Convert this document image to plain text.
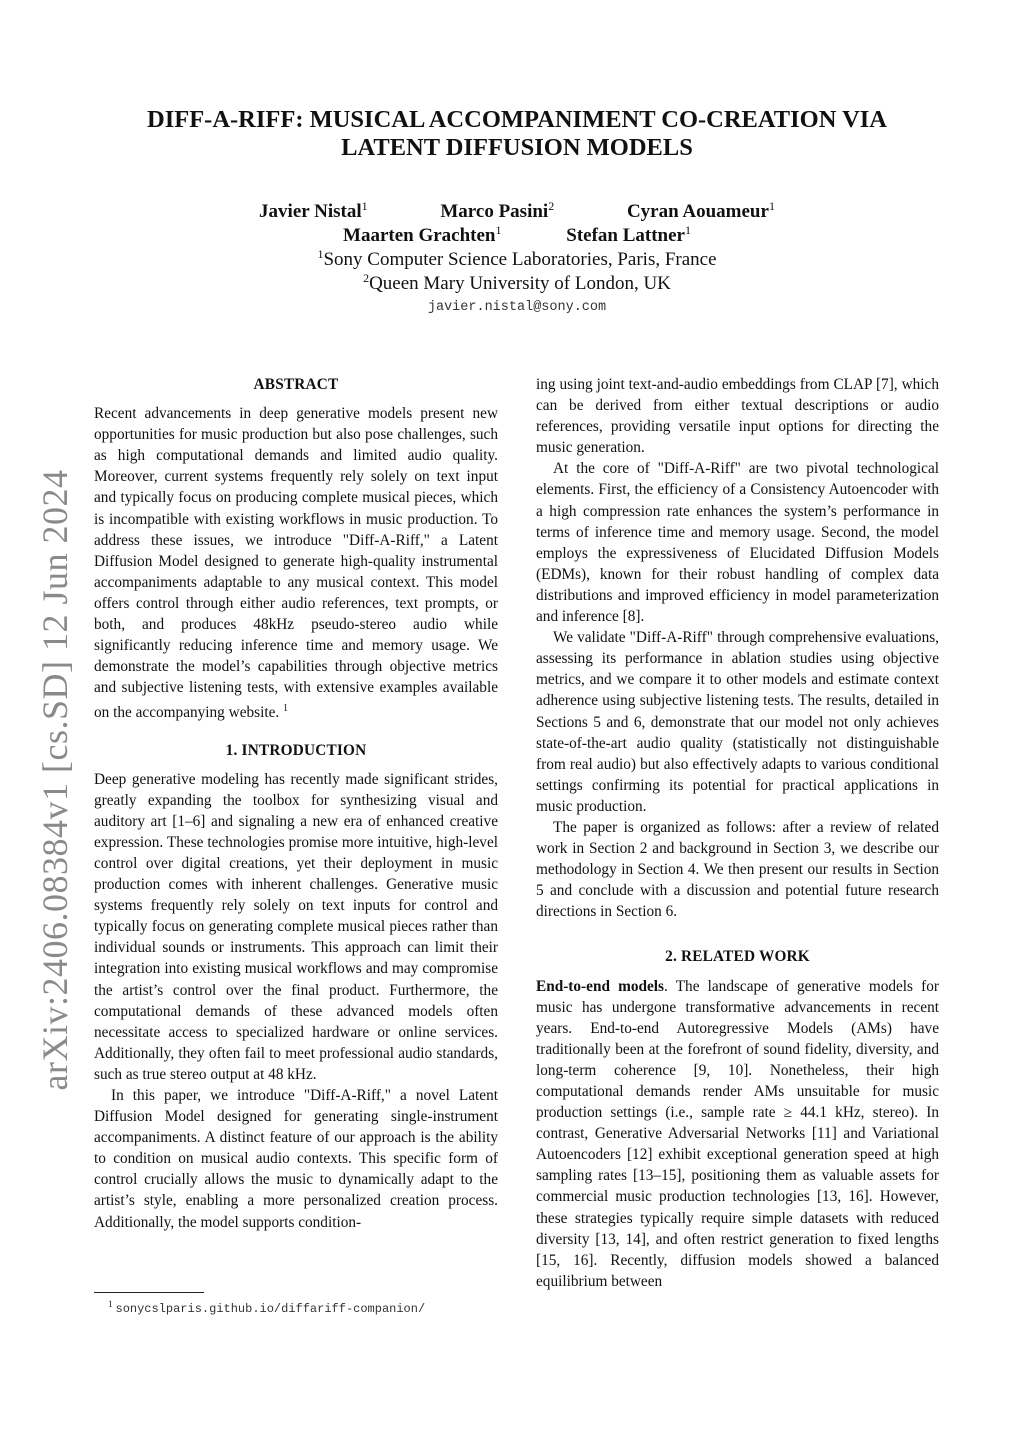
arXiv:2406.08384v1 [cs.SD] 12 Jun 2024
DIFF-A-RIFF: MUSICAL ACCOMPANIMENT CO-CREATION VIA
LATENT DIFFUSION MODELS
Javier Nistal$^1$	Marco Pasini$^2$	Cyran Aouameur$^1$
Maarten Grachten$^1$	Stefan Lattner$^1$
$^1$Sony Computer Science Laboratories, Paris, France
$^2$Queen Mary University of London, UK
javier.nistal@sony.com
ABSTRACT

Recent advancements in deep generative models present new opportunities for music production but also pose challenges, such as high computational demands and limited audio quality. Moreover, current systems frequently rely solely on text input and typically focus on producing complete musical pieces, which is incompatible with existing workflows in music production. To address these issues, we introduce "Diff-A-Riff," a Latent Diffusion Model designed to generate high-quality instrumental accompaniments adaptable to any musical context. This model offers control through either audio references, text prompts, or both, and produces 48kHz pseudo-stereo audio while significantly reducing inference time and memory usage. We demonstrate the model’s capabilities through objective metrics and subjective listening tests, with extensive examples available on the accompanying website. $^1$

1. INTRODUCTION

Deep generative modeling has recently made significant strides, greatly expanding the toolbox for synthesizing visual and auditory art [1–6] and signaling a new era of enhanced creative expression. These technologies promise more intuitive, high-level control over digital creations, yet their deployment in music production comes with inherent challenges. Generative music systems frequently rely solely on text inputs for control and typically focus on generating complete musical pieces rather than individual sounds or instruments. This approach can limit their integration into existing musical workflows and may compromise the artist’s control over the final product. Furthermore, the computational demands of these advanced models often necessitate access to specialized hardware or online services. Additionally, they often fail to meet professional audio standards, such as true stereo output at 48 kHz.

In this paper, we introduce "Diff-A-Riff," a novel Latent Diffusion Model designed for generating single-instrument accompaniments. A distinct feature of our approach is the ability to condition on musical audio contexts. This specific form of control crucially allows the music to dynamically adapt to the artist’s style, enabling a more personalized creation process. Additionally, the model supports condition-

ing using joint text-and-audio embeddings from CLAP [7], which can be derived from either textual descriptions or audio references, providing versatile input options for directing the music generation.

At the core of "Diff-A-Riff" are two pivotal technological elements. First, the efficiency of a Consistency Autoencoder with a high compression rate enhances the system’s performance in terms of inference time and memory usage. Second, the model employs the expressiveness of Elucidated Diffusion Models (EDMs), known for their robust handling of complex data distributions and improved efficiency in model parameterization and inference [8].

We validate "Diff-A-Riff" through comprehensive evaluations, assessing its performance in ablation studies using objective metrics, and we compare it to other models and estimate context adherence using subjective listening tests. The results, detailed in Sections 5 and 6, demonstrate that our model not only achieves state-of-the-art audio quality (statistically not distinguishable from real audio) but also effectively adapts to various conditional settings confirming its potential for practical applications in music production.

The paper is organized as follows: after a review of related work in Section 2 and background in Section 3, we describe our methodology in Section 4. We then present our results in Section 5 and conclude with a discussion and potential future research directions in Section 6.

2. RELATED WORK

End-to-end models. The landscape of generative models for music has undergone transformative advancements in recent years. End-to-end Autoregressive Models (AMs) have traditionally been at the forefront of sound fidelity, diversity, and long-term coherence [9, 10]. Nonetheless, their high computational demands render AMs unsuitable for music production settings (i.e., sample rate ≥ 44.1 kHz, stereo). In contrast, Generative Adversarial Networks [11] and Variational Autoencoders [12] exhibit exceptional generation speed at high sampling rates [13–15], positioning them as valuable assets for commercial music production technologies [13, 16]. However, these strategies typically require simple datasets with reduced diversity [13, 14], and often restrict generation to fixed lengths [15, 16]. Recently, diffusion models showed a balanced equilibrium between

$^1$ sonycslparis.github.io/diffariff-companion/
